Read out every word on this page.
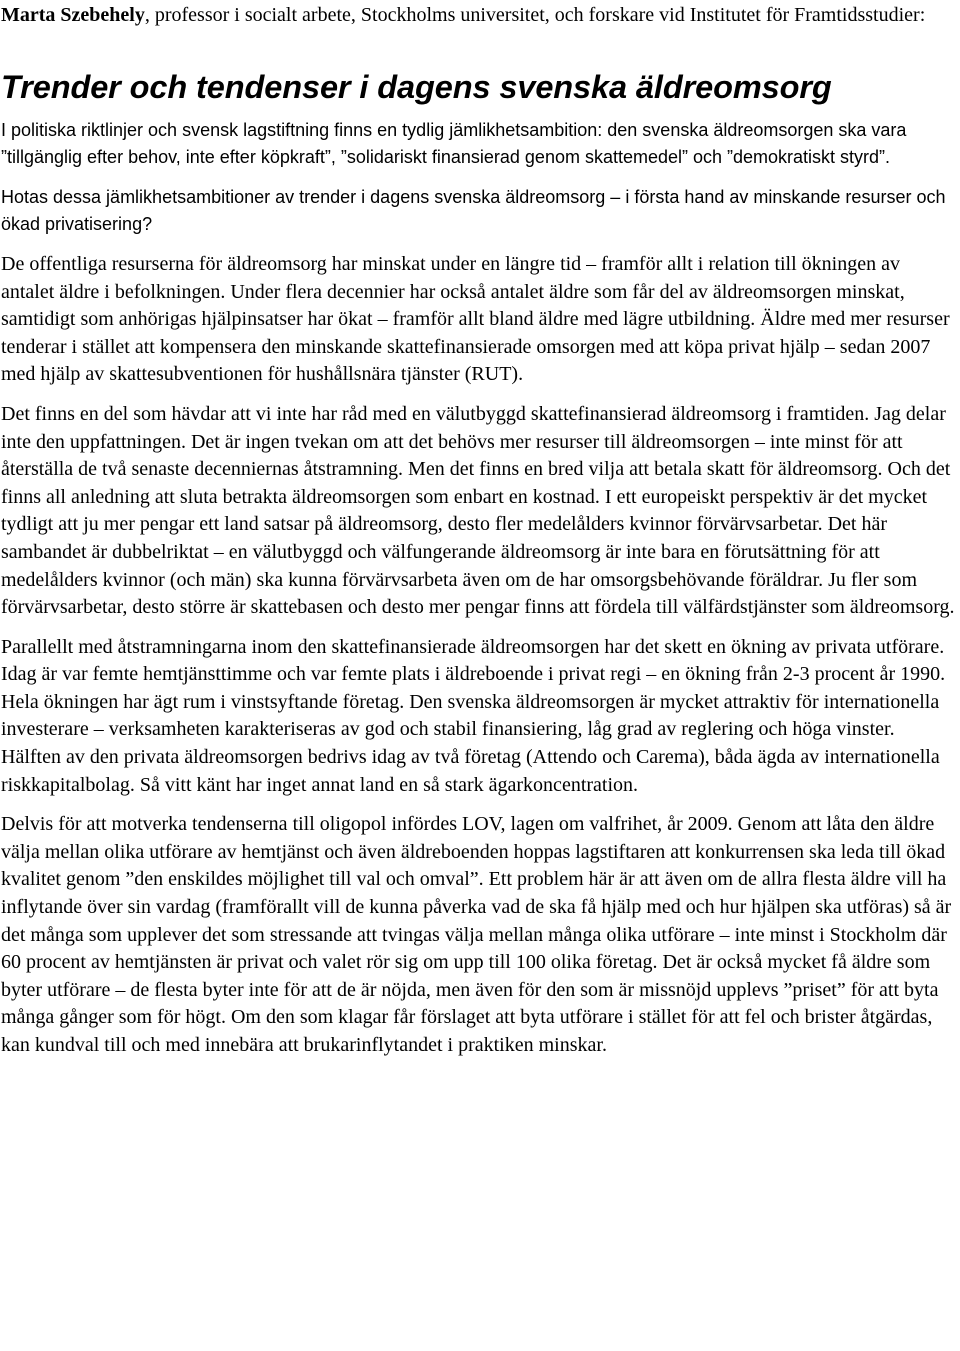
Marta Szebehely, professor i socialt arbete, Stockholms universitet, och forskare vid Institutet för Framtidsstudier:

Trender och tendenser i dagens svenska äldreomsorg

I politiska riktlinjer och svensk lagstiftning finns en tydlig jämlikhetsambition: den svenska äldreomsorgen ska vara ”tillgänglig efter behov, inte efter köpkraft”, ”solidariskt finansierad genom skattemedel” och ”demokratiskt styrd”.

Hotas dessa jämlikhetsambitioner av trender i dagens svenska äldreomsorg – i första hand av minskande resurser och ökad privatisering?

De offentliga resurserna för äldreomsorg har minskat under en längre tid – framför allt i relation till ökningen av antalet äldre i befolkningen. Under flera decennier har också antalet äldre som får del av äldreomsorgen minskat, samtidigt som anhörigas hjälpinsatser har ökat – framför allt bland äldre med lägre utbildning. Äldre med mer resurser tenderar i stället att kompensera den minskande skattefinansierade omsorgen med att köpa privat hjälp – sedan 2007 med hjälp av skattesubventionen för hushållsnära tjänster (RUT).

Det finns en del som hävdar att vi inte har råd med en välutbyggd skattefinansierad äldreomsorg i framtiden. Jag delar inte den uppfattningen. Det är ingen tvekan om att det behövs mer resurser till äldreomsorgen – inte minst för att återställa de två senaste decenniernas åtstramning. Men det finns en bred vilja att betala skatt för äldreomsorg. Och det finns all anledning att sluta betrakta äldreomsorgen som enbart en kostnad. I ett europeiskt perspektiv är det mycket tydligt att ju mer pengar ett land satsar på äldreomsorg, desto fler medelålders kvinnor förvärvsarbetar. Det här sambandet är dubbelriktat – en välutbyggd och välfungerande äldreomsorg är inte bara en förutsättning för att medelålders kvinnor (och män) ska kunna förvärvsarbeta även om de har omsorgsbehövande föräldrar. Ju fler som förvärvsarbetar, desto större är skattebasen och desto mer pengar finns att fördela till välfärdstjänster som äldreomsorg.

Parallellt med åtstramningarna inom den skattefinansierade äldreomsorgen har det skett en ökning av privata utförare. Idag är var femte hemtjänsttimme och var femte plats i äldreboende i privat regi – en ökning från 2-3 procent år 1990. Hela ökningen har ägt rum i vinstsyftande företag. Den svenska äldreomsorgen är mycket attraktiv för internationella investerare – verksamheten karakteriseras av god och stabil finansiering, låg grad av reglering och höga vinster. Hälften av den privata äldreomsorgen bedrivs idag av två företag (Attendo och Carema), båda ägda av internationella riskkapitalbolag. Så vitt känt har inget annat land en så stark ägarkoncentration.

Delvis för att motverka tendenserna till oligopol infördes LOV, lagen om valfrihet, år 2009. Genom att låta den äldre välja mellan olika utförare av hemtjänst och även äldreboenden hoppas lagstiftaren att konkurrensen ska leda till ökad kvalitet genom ”den enskildes möjlighet till val och omval”. Ett problem här är att även om de allra flesta äldre vill ha inflytande över sin vardag (framförallt vill de kunna påverka vad de ska få hjälp med och hur hjälpen ska utföras) så är det många som upplever det som stressande att tvingas välja mellan många olika utförare – inte minst i Stockholm där 60 procent av hemtjänsten är privat och valet rör sig om upp till 100 olika företag. Det är också mycket få äldre som byter utförare – de flesta byter inte för att de är nöjda, men även för den som är missnöjd upplevs ”priset” för att byta många gånger som för högt. Om den som klagar får förslaget att byta utförare i stället för att fel och brister åtgärdas, kan kundval till och med innebära att brukarinflytandet i praktiken minskar.
